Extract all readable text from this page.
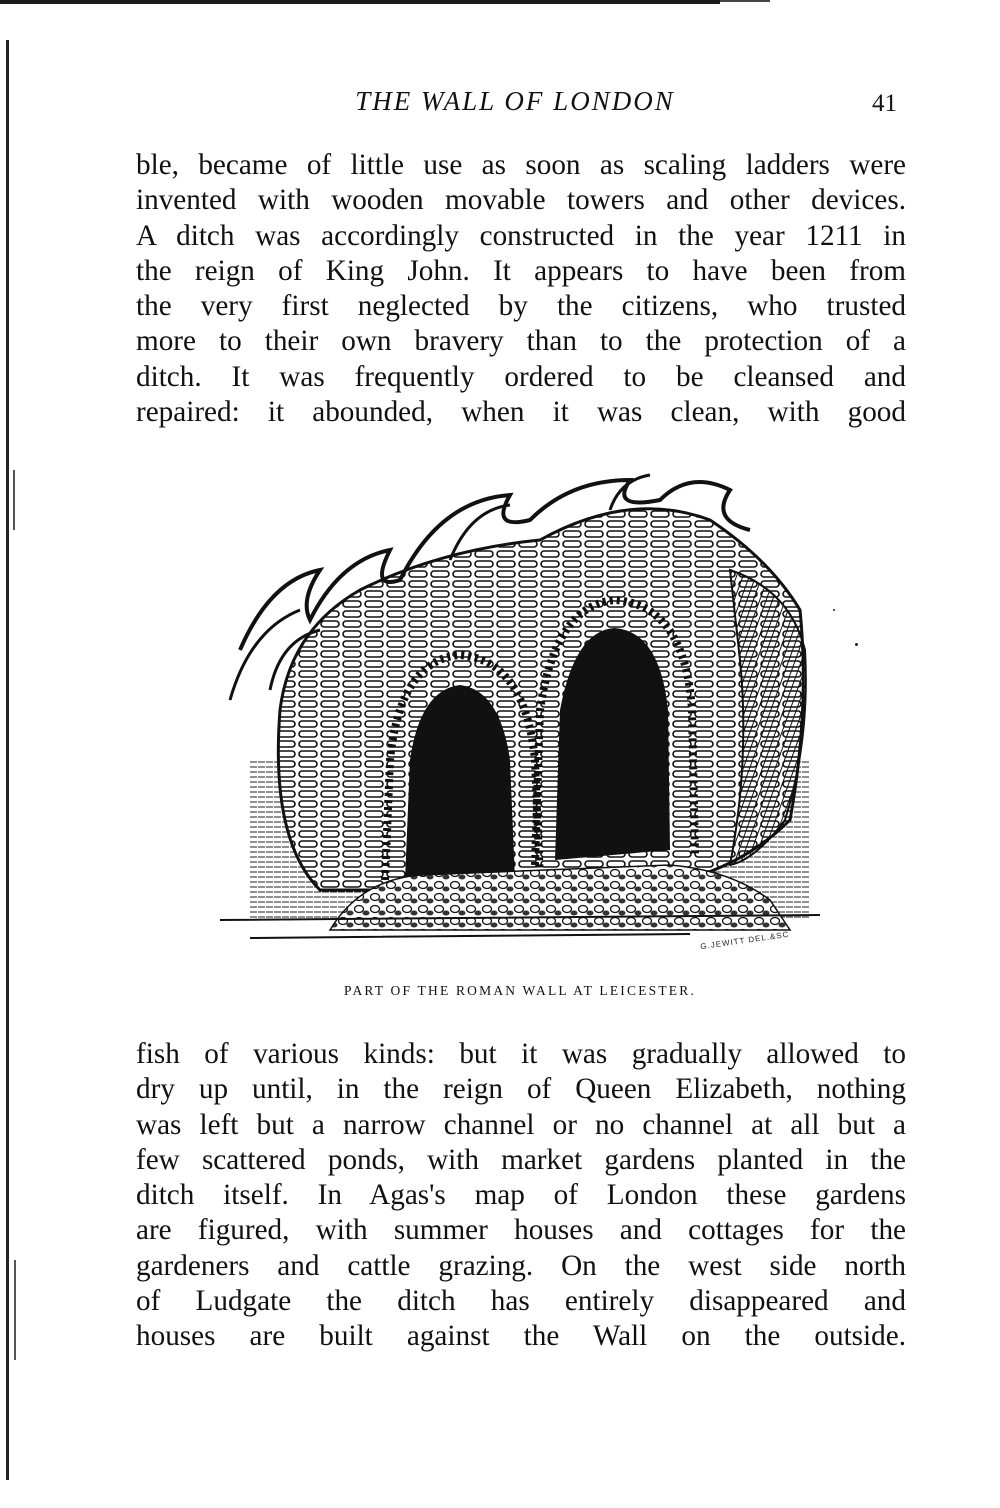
THE WALL OF LONDON	41
ble, became of little use as soon as scaling ladders were
invented with wooden movable towers and other devices.
A ditch was accordingly constructed in the year 1211 in
the reign of King John. It appears to have been from
the very first neglected by the citizens, who trusted
more to their own bravery than to the protection of a
ditch. It was frequently ordered to be cleansed and
repaired: it abounded, when it was clean, with good
G.JEWITT DEL.&SC
PART OF THE ROMAN WALL AT LEICESTER.
fish of various kinds: but it was gradually allowed to
dry up until, in the reign of Queen Elizabeth, nothing
was left but a narrow channel or no channel at all but a
few scattered ponds, with market gardens planted in the
ditch itself. In Agas's map of London these gardens
are figured, with summer houses and cottages for the
gardeners and cattle grazing. On the west side north
of Ludgate the ditch has entirely disappeared and
houses are built against the Wall on the outside.
